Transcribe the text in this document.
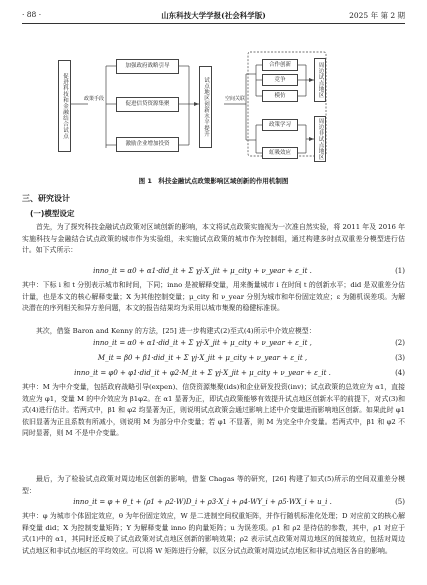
· 88 ·	山东科技大学学报(社会科学版)	2025 年 第 2 期
促进科技和金融结合试点	政策手段
加强政府战略引导
促进信贷资源集聚
激励企业增加投资
试点地区创新水平提升	空间关联
合作创新
竞争
模仿
政策学习
虹吸效应
周边试点地区
周边非试点地区
图 1　科技金融试点政策影响区域创新的作用机制图
三、研究设计
(一)模型设定
首先，为了探究科技金融试点政策对区域创新的影响，本文将试点政策实施视为一次准自然实验，将 2011 年及 2016 年实施科技与金融结合试点政策的城市作为实验组，未实施试点政策的城市作为控制组，通过构建多时点双重差分模型进行估计。如下式所示：
inno_it = α0 + α1·did_it + Σ γj·X_jit + μ_city + ν_year + ε_it .	(1)
其中：下标 i 和 t 分别表示城市和时间，下同；inno 是被解释变量，用来衡量城市 i 在时间 t 的创新水平；did 是双重差分估计量，也是本文的核心解释变量；X 为其他控制变量；μ_city 和 ν_year 分别为城市和年份固定效应；ε 为随机误差项。为解决潜在的序列相关和异方差问题，本文的报告结果均为采用以城市集聚的稳健标准误。
其次，借鉴 Baron and Kenny 的方法，[25] 进一步构建式(2)至式(4)所示中介效应模型：
inno_it = α0 + α1·did_it + Σ γj·X_jit + μ_city + ν_year + ε_it ,	(2)
M_it = β0 + β1·did_it + Σ γj·X_jit + μ_city + ν_year + ε_it ,	(3)
inno_it = φ0 + φ1·did_it + φ2·M_it + Σ γj·X_jit + μ_city + ν_year + ε_it .	(4)
其中：M 为中介变量，包括政府战略引导(expen)、信贷资源集聚(ids)和企业研发投资(inv)；试点政策的总效应为 α1，直接效应为 φ1，变量 M 的中介效应为 β1φ2。在 α1 显著为正，即试点政策能够有效提升试点地区创新水平的前提下，对式(3)和式(4)进行估计。若两式中，β1 和 φ2 均显著为正，则说明试点政策会通过影响上述中介变量进而影响地区创新。如果此时 φ1 依旧显著为正且系数有所减小，则说明 M 为部分中介变量；若 φ1 不显著，则 M 为完全中介变量。若两式中，β1 和 φ2 不同时显著，则 M 不是中介变量。
最后，为了检验试点政策对周边地区创新的影响，借鉴 Chagas 等的研究，[26] 构建了如式(5)所示的空间双重差分模型：
inno_it = φ + θ_t + (ρ1 + ρ2·W)D_i + ρ3·X_i + ρ4·WY_i + ρ5·WX_i + u_i .	(5)
其中：φ 为城市个体固定效应，θ 为年份固定效应，W 是二进制空间权重矩阵，并作行随机标准化处理；D 对应前文的核心解释变量 did；X 为控制变量矩阵；Y 为解释变量 inno 的向量矩阵；u 为误差项。ρ1 和 ρ2 是待估的参数，其中，ρ1 对应于式(1)中的 α1，其同时还反映了试点政策对试点地区创新的影响效果；ρ2 表示试点政策对周边地区的间接效应，包括对周边试点地区和非试点地区的平均效应。可以将 W 矩阵进行分解，以区分试点政策对周边试点地区和非试点地区各自的影响。
